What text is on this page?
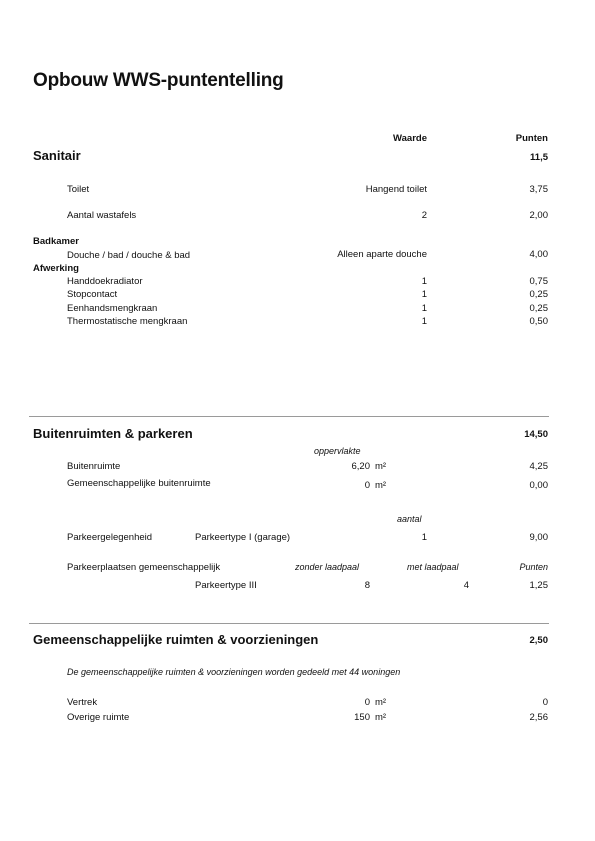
Opbouw WWS-puntentelling
Waarde	Punten
Sanitair	11,5
Toilet	Hangend toilet	3,75
Aantal wastafels	2	2,00
Badkamer
Douche / bad / douche & bad	Alleen aparte douche	4,00
Afwerking
Handdoekradiator	1	0,75
Stopcontact	1	0,25
Eenhandsmengkraan	1	0,25
Thermostatische mengkraan	1	0,50
Buitenruimten & parkeren	14,50
oppervlakte
Buitenruimte	6,20 m²	4,25
Gemeenschappelijke buitenruimte	0 m²	0,00
aantal
Parkeergelegenheid	Parkeertype I (garage)	1	9,00
Parkeerplaatsen gemeenschappelijk	zonder laadpaal	met laadpaal	Punten
Parkeertype III	8	4	1,25
Gemeenschappelijke ruimten & voorzieningen	2,50
De gemeenschappelijke ruimten & voorzieningen worden gedeeld met 44 woningen
Vertrek	0 m²	0
Overige ruimte	150 m²	2,56
